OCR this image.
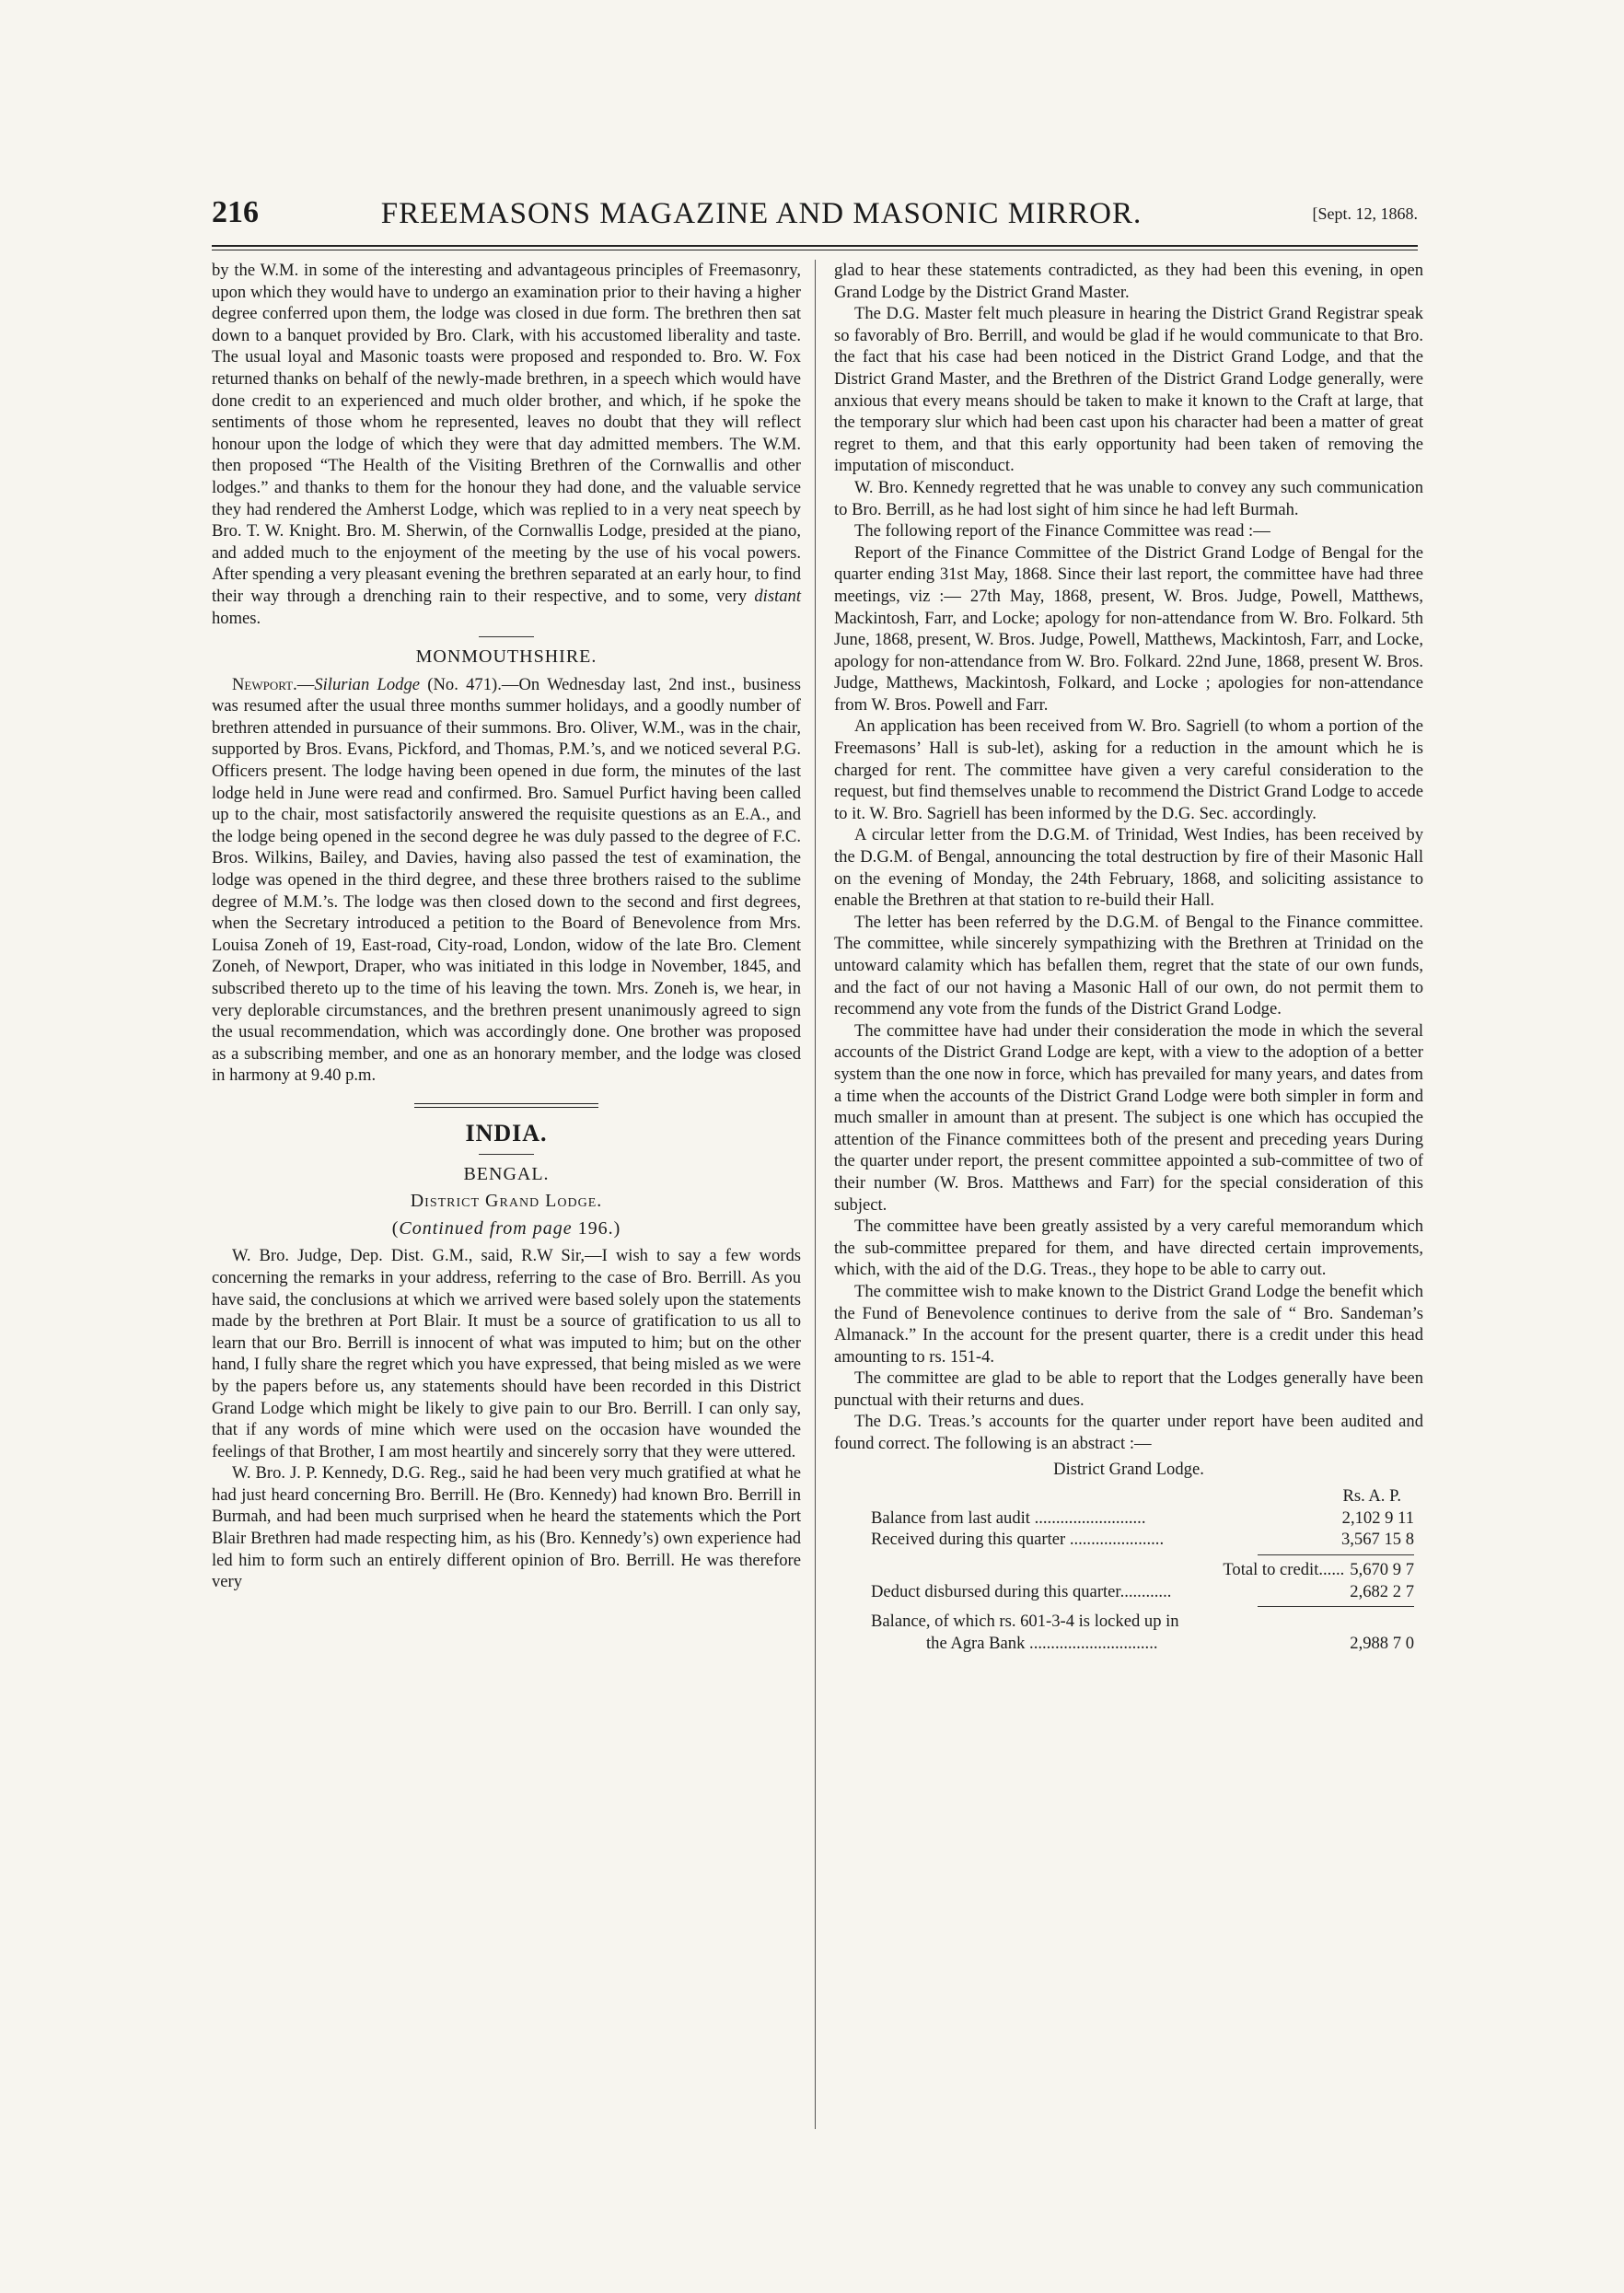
216	FREEMASONS MAGAZINE AND MASONIC MIRROR.	[Sept. 12, 1868.

by the W.M. in some of the interesting and advantageous principles of Freemasonry, upon which they would have to undergo an examination prior to their having a higher degree conferred upon them, the lodge was closed in due form. The brethren then sat down to a banquet provided by Bro. Clark, with his accustomed liberality and taste. The usual loyal and Masonic toasts were proposed and responded to. Bro. W. Fox returned thanks on behalf of the newly-made brethren, in a speech which would have done credit to an experienced and much older brother, and which, if he spoke the sentiments of those whom he represented, leaves no doubt that they will reflect honour upon the lodge of which they were that day admitted members. The W.M. then proposed “The Health of the Visiting Brethren of the Cornwallis and other lodges.” and thanks to them for the honour they had done, and the valuable service they had rendered the Amherst Lodge, which was replied to in a very neat speech by Bro. T. W. Knight. Bro. M. Sherwin, of the Cornwallis Lodge, presided at the piano, and added much to the enjoyment of the meeting by the use of his vocal powers. After spending a very pleasant evening the brethren separated at an early hour, to find their way through a drenching rain to their respective, and to some, very distant homes.

MONMOUTHSHIRE.

Newport.—Silurian Lodge (No. 471).—On Wednesday last, 2nd inst., business was resumed after the usual three months summer holidays, and a goodly number of brethren attended in pursuance of their summons. Bro. Oliver, W.M., was in the chair, supported by Bros. Evans, Pickford, and Thomas, P.M.’s, and we noticed several P.G. Officers present. The lodge having been opened in due form, the minutes of the last lodge held in June were read and confirmed. Bro. Samuel Purfict having been called up to the chair, most satisfactorily answered the requisite questions as an E.A., and the lodge being opened in the second degree he was duly passed to the degree of F.C. Bros. Wilkins, Bailey, and Davies, having also passed the test of examination, the lodge was opened in the third degree, and these three brothers raised to the sublime degree of M.M.’s. The lodge was then closed down to the second and first degrees, when the Secretary introduced a petition to the Board of Benevolence from Mrs. Louisa Zoneh of 19, East-road, City-road, London, widow of the late Bro. Clement Zoneh, of Newport, Draper, who was initiated in this lodge in November, 1845, and subscribed thereto up to the time of his leaving the town. Mrs. Zoneh is, we hear, in very deplorable circumstances, and the brethren present unanimously agreed to sign the usual recommendation, which was accordingly done. One brother was proposed as a subscribing member, and one as an honorary member, and the lodge was closed in harmony at 9.40 p.m.

INDIA.
BENGAL.
District Grand Lodge.
(Continued from page 196.)

W. Bro. Judge, Dep. Dist. G.M., said, R.W Sir,—I wish to say a few words concerning the remarks in your address, referring to the case of Bro. Berrill. As you have said, the conclusions at which we arrived were based solely upon the statements made by the brethren at Port Blair. It must be a source of gratification to us all to learn that our Bro. Berrill is innocent of what was imputed to him; but on the other hand, I fully share the regret which you have expressed, that being misled as we were by the papers before us, any statements should have been recorded in this District Grand Lodge which might be likely to give pain to our Bro. Berrill. I can only say, that if any words of mine which were used on the occasion have wounded the feelings of that Brother, I am most heartily and sincerely sorry that they were uttered.

W. Bro. J. P. Kennedy, D.G. Reg., said he had been very much gratified at what he had just heard concerning Bro. Berrill. He (Bro. Kennedy) had known Bro. Berrill in Burmah, and had been much surprised when he heard the statements which the Port Blair Brethren had made respecting him, as his (Bro. Kennedy’s) own experience had led him to form such an entirely different opinion of Bro. Berrill. He was therefore very

glad to hear these statements contradicted, as they had been this evening, in open Grand Lodge by the District Grand Master.

The D.G. Master felt much pleasure in hearing the District Grand Registrar speak so favorably of Bro. Berrill, and would be glad if he would communicate to that Bro. the fact that his case had been noticed in the District Grand Lodge, and that the District Grand Master, and the Brethren of the District Grand Lodge generally, were anxious that every means should be taken to make it known to the Craft at large, that the temporary slur which had been cast upon his character had been a matter of great regret to them, and that this early opportunity had been taken of removing the imputation of misconduct.

W. Bro. Kennedy regretted that he was unable to convey any such communication to Bro. Berrill, as he had lost sight of him since he had left Burmah.

The following report of the Finance Committee was read :—

Report of the Finance Committee of the District Grand Lodge of Bengal for the quarter ending 31st May, 1868. Since their last report, the committee have had three meetings, viz :— 27th May, 1868, present, W. Bros. Judge, Powell, Matthews, Mackintosh, Farr, and Locke; apology for non-attendance from W. Bro. Folkard. 5th June, 1868, present, W. Bros. Judge, Powell, Matthews, Mackintosh, Farr, and Locke, apology for non-attendance from W. Bro. Folkard. 22nd June, 1868, present W. Bros. Judge, Matthews, Mackintosh, Folkard, and Locke ; apologies for non-attendance from W. Bros. Powell and Farr.

An application has been received from W. Bro. Sagriell (to whom a portion of the Freemasons’ Hall is sub-let), asking for a reduction in the amount which he is charged for rent. The committee have given a very careful consideration to the request, but find themselves unable to recommend the District Grand Lodge to accede to it. W. Bro. Sagriell has been informed by the D.G. Sec. accordingly.

A circular letter from the D.G.M. of Trinidad, West Indies, has been received by the D.G.M. of Bengal, announcing the total destruction by fire of their Masonic Hall on the evening of Monday, the 24th February, 1868, and soliciting assistance to enable the Brethren at that station to re-build their Hall.

The letter has been referred by the D.G.M. of Bengal to the Finance committee. The committee, while sincerely sympathizing with the Brethren at Trinidad on the untoward calamity which has befallen them, regret that the state of our own funds, and the fact of our not having a Masonic Hall of our own, do not permit them to recommend any vote from the funds of the District Grand Lodge.

The committee have had under their consideration the mode in which the several accounts of the District Grand Lodge are kept, with a view to the adoption of a better system than the one now in force, which has prevailed for many years, and dates from a time when the accounts of the District Grand Lodge were both simpler in form and much smaller in amount than at present. The subject is one which has occupied the attention of the Finance committees both of the present and preceding years During the quarter under report, the present committee appointed a sub-committee of two of their number (W. Bros. Matthews and Farr) for the special consideration of this subject.

The committee have been greatly assisted by a very careful memorandum which the sub-committee prepared for them, and have directed certain improvements, which, with the aid of the D.G. Treas., they hope to be able to carry out.

The committee wish to make known to the District Grand Lodge the benefit which the Fund of Benevolence continues to derive from the sale of “ Bro. Sandeman’s Almanack.” In the account for the present quarter, there is a credit under this head amounting to rs. 151-4.

The committee are glad to be able to report that the Lodges generally have been punctual with their returns and dues.

The D.G. Treas.’s accounts for the quarter under report have been audited and found correct. The following is an abstract :—

District Grand Lodge.
Rs. A. P.
Balance from last audit ..........................	2,102 9 11
Received during this quarter ......................	3,567 15 8
Total to credit...... 5,670 9 7
Deduct disbursed during this quarter............	2,682 2 7
Balance, of which rs. 601-3-4 is locked up in
the Agra Bank ..............................	2,988 7 0
